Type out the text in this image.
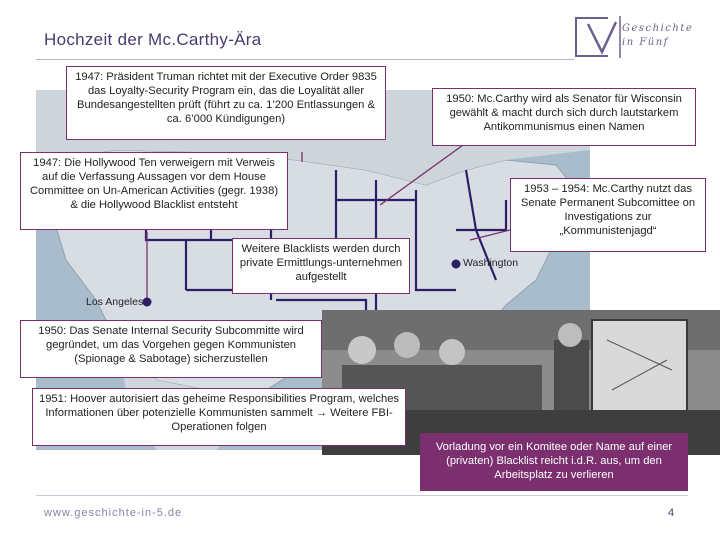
Hochzeit der Mc.Carthy-Ära
Geschichte
in Fünf
1947: Präsident Truman richtet mit der Executive Order 9835 das Loyalty-Security Program ein, das die Loyalität aller Bundesangestellten prüft (führt zu ca. 1’200 Entlassungen & ca. 6’000 Kündigungen)
1950: Mc.Carthy wird als Senator für Wisconsin gewählt & macht durch sich durch lautstarkem Antikommunismus einen Namen
1947: Die Hollywood Ten verweigern mit Verweis auf die Verfassung Aussagen vor dem House Committee on Un-American Activities (gegr. 1938) & die Hollywood Blacklist entsteht
1953 – 1954: Mc.Carthy nutzt das Senate Permanent Subcomittee on Investigations zur „Kommunistenjagd“
Weitere Blacklists werden durch private Ermittlungs-unternehmen aufgestellt
1950: Das Senate Internal Security Subcommitte wird gegründet, um das Vorgehen gegen Kommunisten (Spionage & Sabotage) sicherzustellen
1951: Hoover autorisiert das geheime Responsibilities Program, welches Informationen über potenzielle Kommunisten sammelt → Weitere FBI-Operationen folgen
Vorladung vor ein Komitee oder Name auf einer (privaten) Blacklist reicht i.d.R. aus, um den Arbeitsplatz zu verlieren
Los Angeles
Washington
www.geschichte-in-5.de	4
